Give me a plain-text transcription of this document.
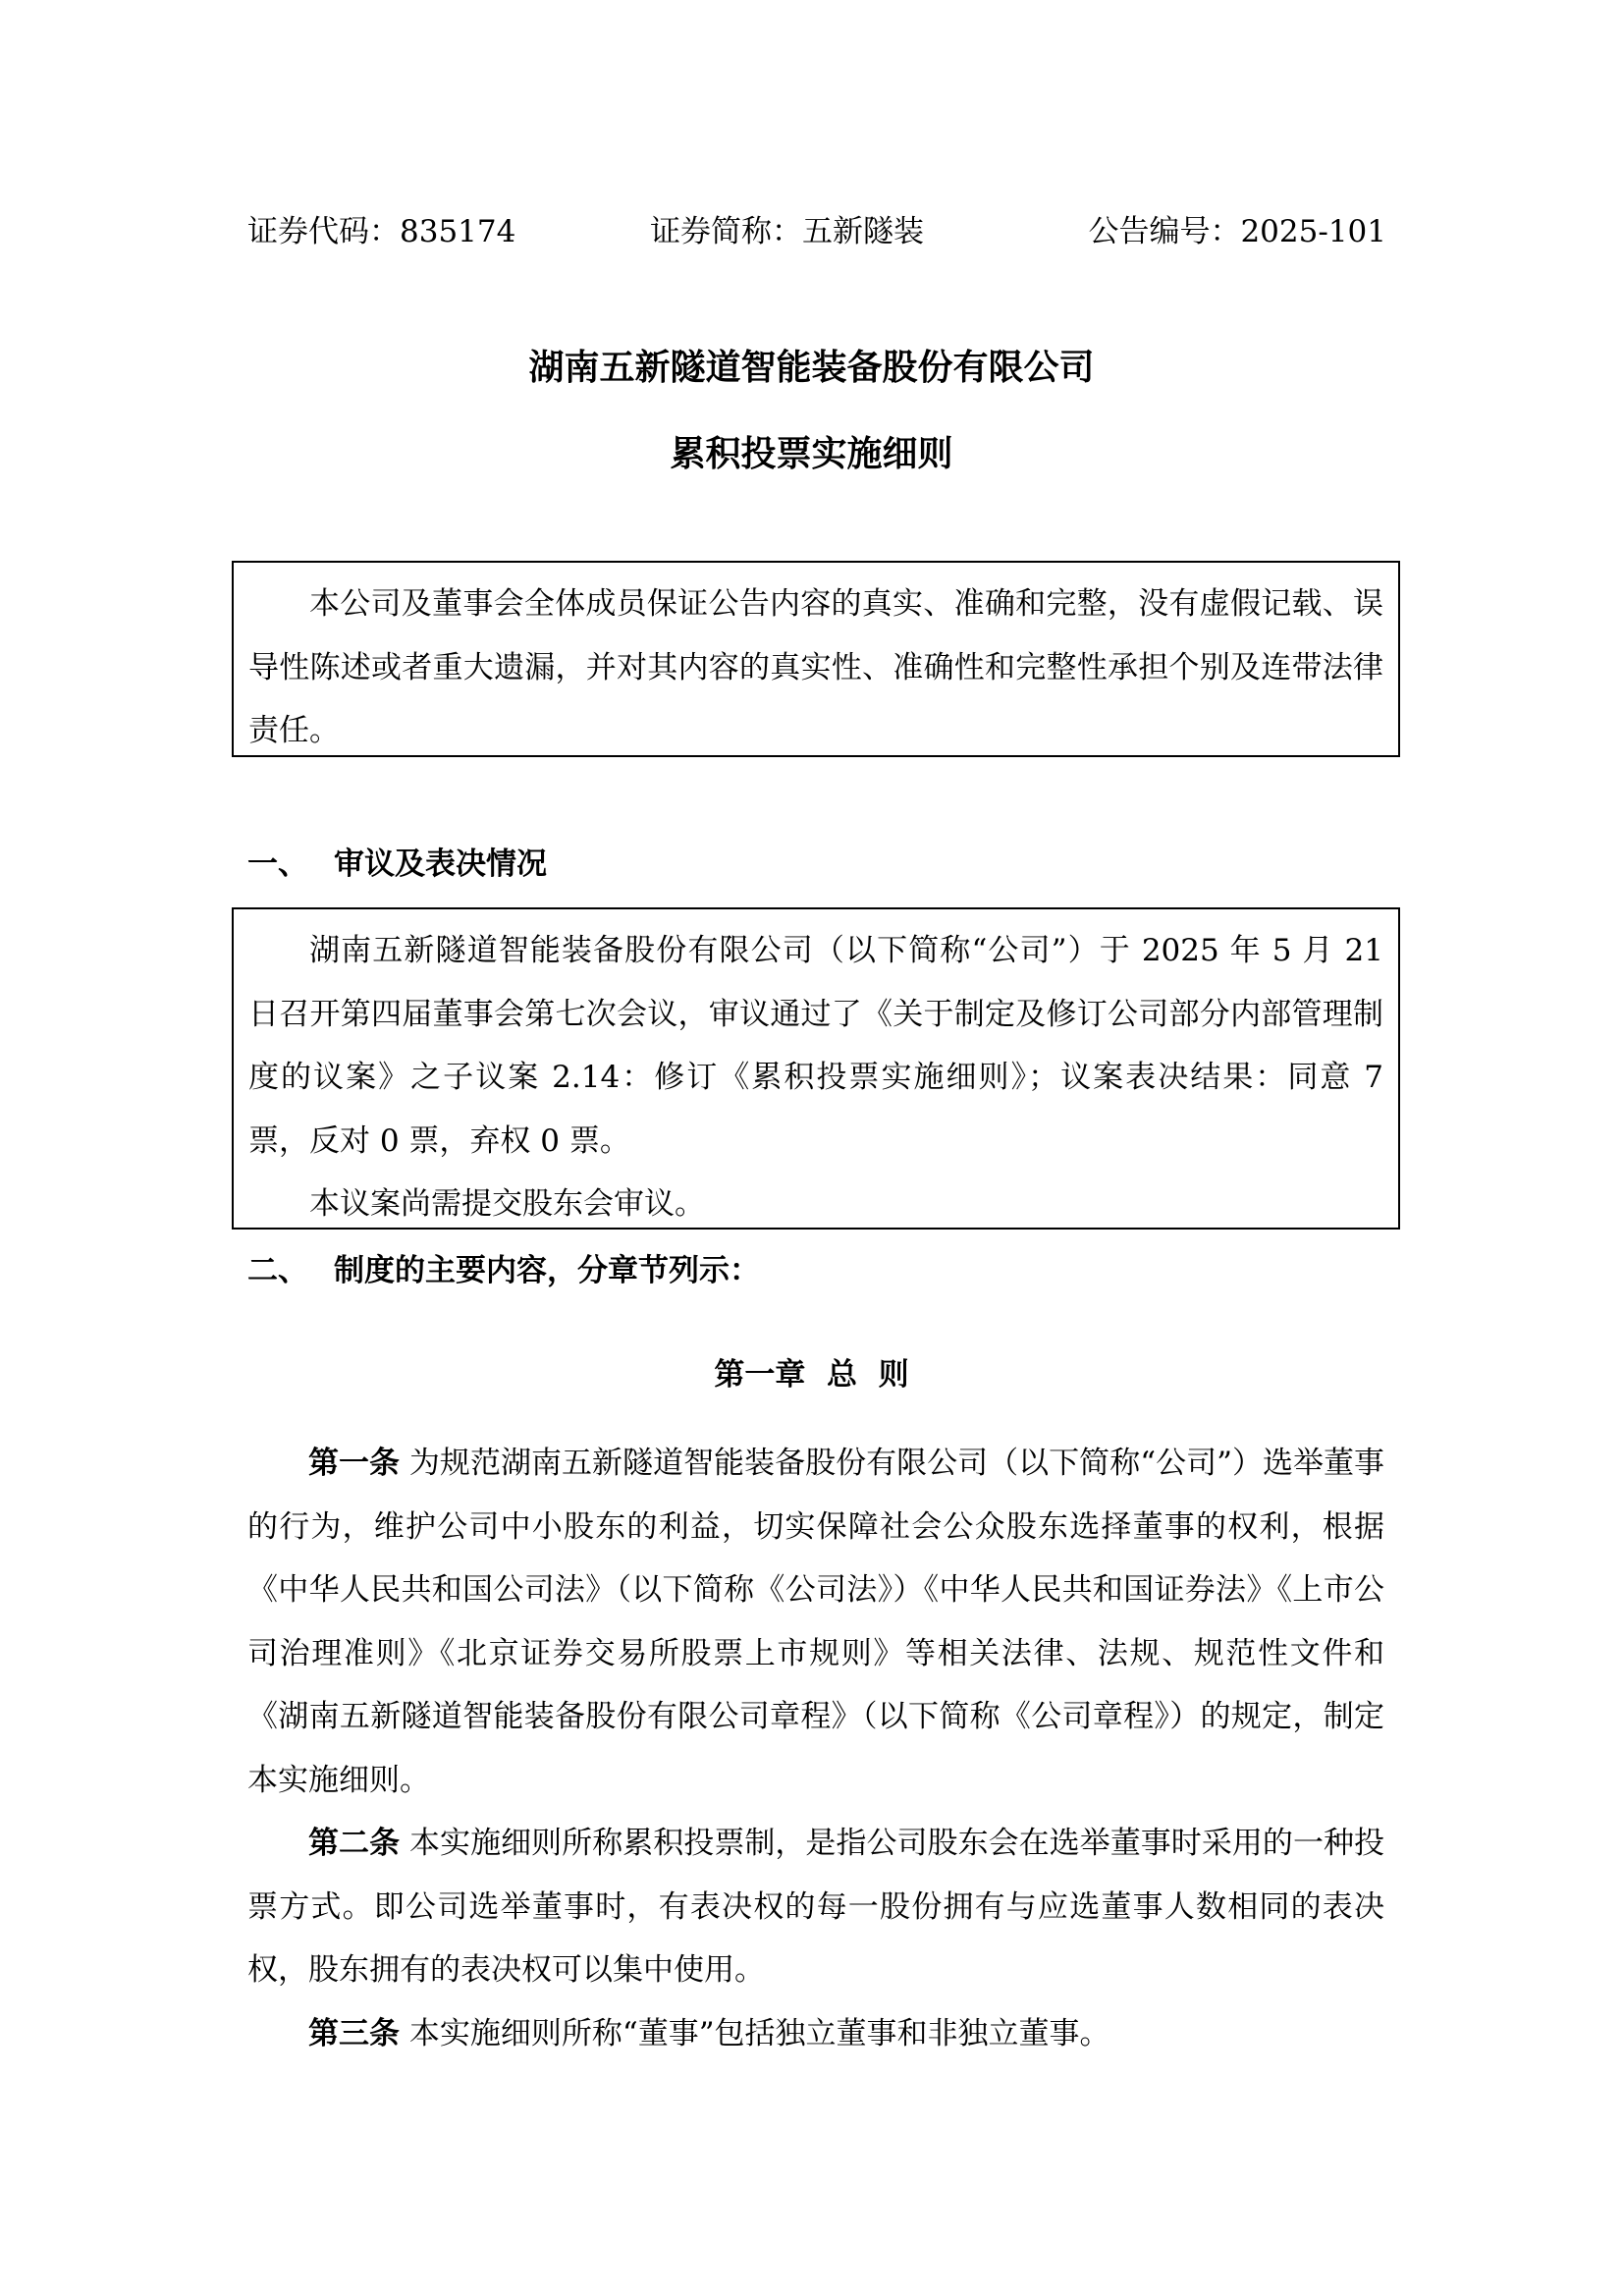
证券代码：835174	证券简称：五新隧装	公告编号：2025-101
湖南五新隧道智能装备股份有限公司
累积投票实施细则

本公司及董事会全体成员保证公告内容的真实、准确和完整，没有虚假记载、误导性陈述或者重大遗漏，并对其内容的真实性、准确性和完整性承担个别及连带法律责任。

一、 审议及表决情况

湖南五新隧道智能装备股份有限公司（以下简称“公司”）于 2025 年 5 月 21 日召开第四届董事会第七次会议，审议通过了《关于制定及修订公司部分内部管理制度的议案》之子议案 2.14：修订《累积投票实施细则》；议案表决结果：同意 7 票，反对 0 票，弃权 0 票。

本议案尚需提交股东会审议。

二、 制度的主要内容，分章节列示：
第一章  总  则

第一条 为规范湖南五新隧道智能装备股份有限公司（以下简称“公司”）选举董事的行为，维护公司中小股东的利益，切实保障社会公众股东选择董事的权利，根据《中华人民共和国公司法》（以下简称《公司法》）《中华人民共和国证券法》《上市公司治理准则》《北京证券交易所股票上市规则》等相关法律、法规、规范性文件和《湖南五新隧道智能装备股份有限公司章程》（以下简称《公司章程》）的规定，制定本实施细则。

第二条 本实施细则所称累积投票制，是指公司股东会在选举董事时采用的一种投票方式。即公司选举董事时，有表决权的每一股份拥有与应选董事人数相同的表决权，股东拥有的表决权可以集中使用。

第三条 本实施细则所称“董事”包括独立董事和非独立董事。
